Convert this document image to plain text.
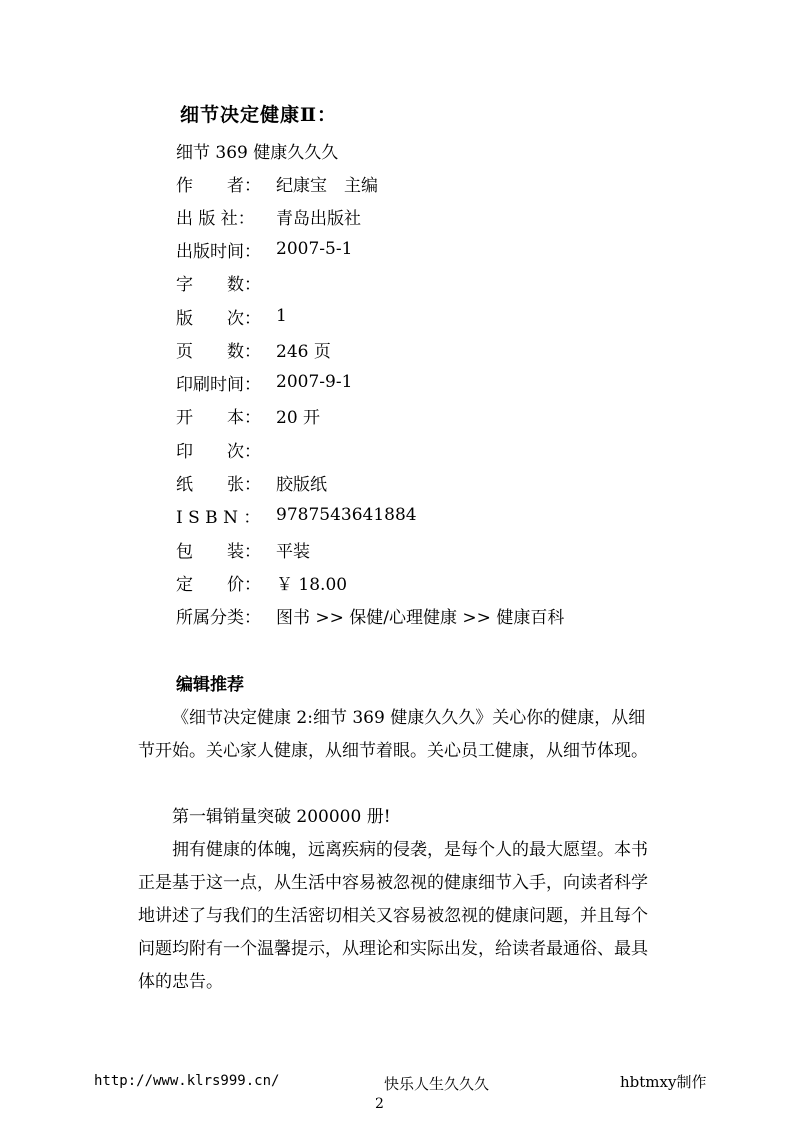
细节决定健康Ⅱ：
细节 369 健康久久久
作　　者： 纪康宝　主编
出 版 社：	青岛出版社
出版时间： 2007-5-1
字　　数：
版　　次： 1
页　　数： 246 页
印刷时间： 2007-9-1
开　　本： 20 开
印　　次：
纸　　张： 胶版纸
I S B N ： 9787543641884
包　　装： 平装
定　　价： ￥ 18.00
所属分类： 图书 >> 保健/心理健康 >> 健康百科
编辑推荐
《细节决定健康 2:细节 369 健康久久久》关心你的健康，从细节开始。关心家人健康，从细节着眼。关心员工健康，从细节体现。
第一辑销量突破 200000 册!
拥有健康的体魄，远离疾病的侵袭，是每个人的最大愿望。本书正是基于这一点，从生活中容易被忽视的健康细节入手，向读者科学地讲述了与我们的生活密切相关又容易被忽视的健康问题，并且每个问题均附有一个温馨提示，从理论和实际出发，给读者最通俗、最具体的忠告。
http://www.klrs999.cn/	快乐人生久久久	hbtmxy制作
2
